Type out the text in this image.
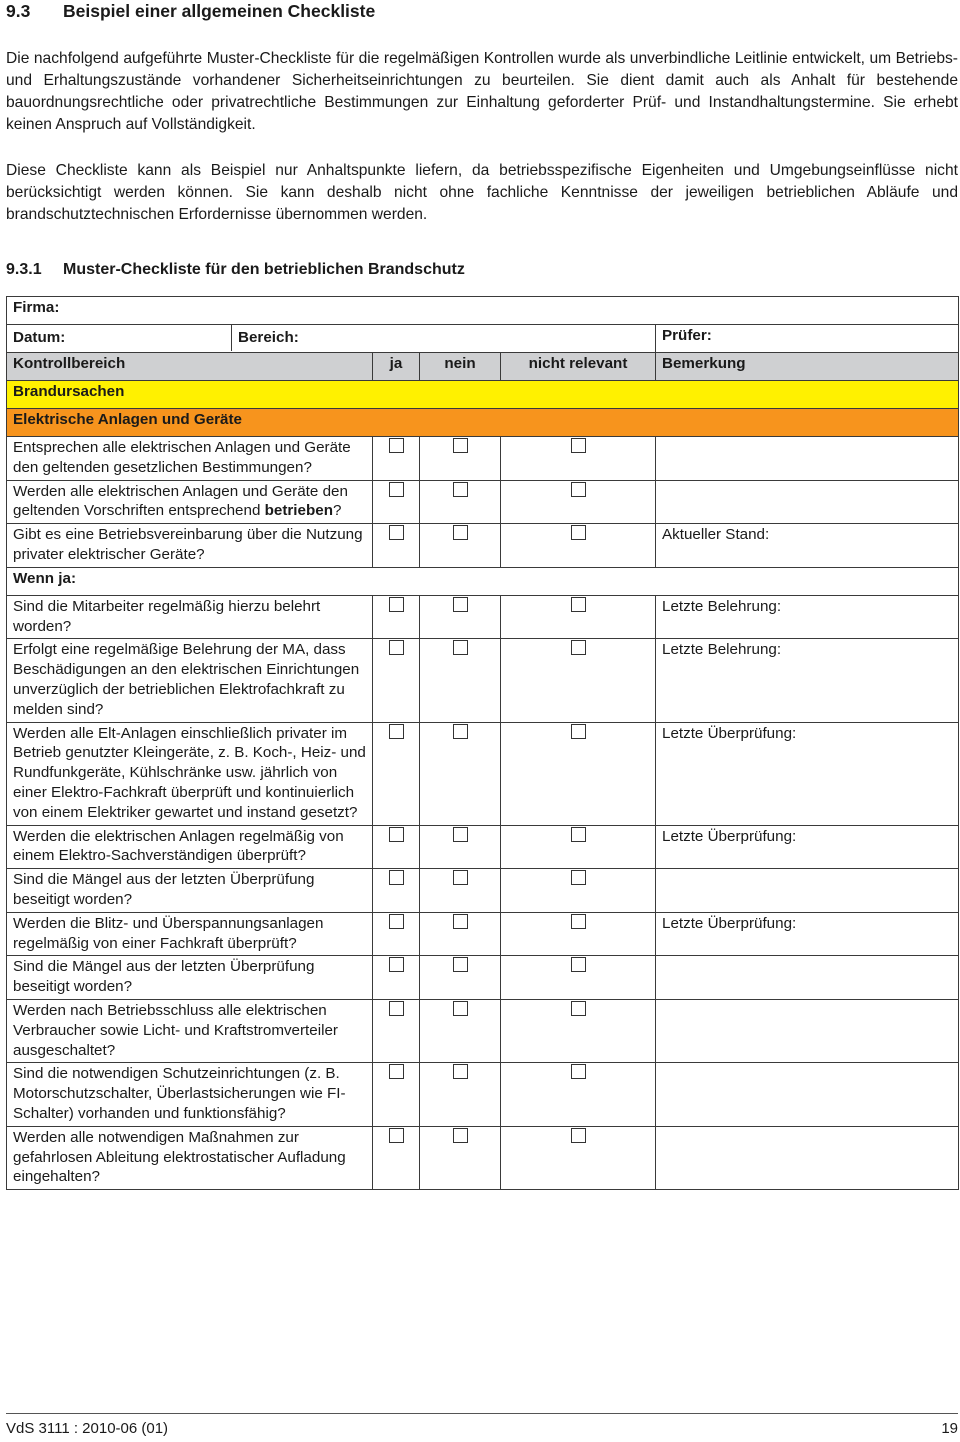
9.3 Beispiel einer allgemeinen Checkliste
Die nachfolgend aufgeführte Muster-Checkliste für die regelmäßigen Kontrollen wurde als unverbindliche Leitlinie entwickelt, um Betriebs- und Erhaltungszustände vorhandener Sicherheitseinrichtungen zu beurteilen. Sie dient damit auch als Anhalt für bestehende bauordnungsrechtliche oder privatrechtliche Bestimmungen zur Einhaltung geforderter Prüf- und Instandhaltungstermine. Sie erhebt keinen Anspruch auf Vollständigkeit.
Diese Checkliste kann als Beispiel nur Anhaltspunkte liefern, da betriebsspezifische Eigenheiten und Umgebungseinflüsse nicht berücksichtigt werden können. Sie kann deshalb nicht ohne fachliche Kenntnisse der jeweiligen betrieblichen Abläufe und brandschutztechnischen Erfordernisse übernommen werden.
9.3.1 Muster-Checkliste für den betrieblichen Brandschutz
Firma:				

Datum: Bereich:				Prüfer:
Kontrollbereich	ja	nein	nicht relevant	Bemerkung
Brandursachen				
Elektrische Anlagen und Geräte				
Entsprechen alle elektrischen Anlagen und Geräte den geltenden gesetzlichen Bestimmungen?				
Werden alle elektrischen Anlagen und Geräte den geltenden Vorschriften entsprechend betrieben?				
Gibt es eine Betriebsvereinbarung über die Nutzung privater elektrischer Geräte?				Aktueller Stand:
Wenn ja:				
Sind die Mitarbeiter regelmäßig hierzu belehrt worden?				Letzte Belehrung:
Erfolgt eine regelmäßige Belehrung der MA, dass Beschädigungen an den elektrischen Einrichtungen unverzüglich der betrieblichen Elektrofachkraft zu melden sind?				Letzte Belehrung:
Werden alle Elt-Anlagen einschließlich privater im Betrieb genutzter Kleingeräte, z. B. Koch-, Heiz- und Rundfunkgeräte, Kühlschränke usw. jährlich von einer Elektro-Fachkraft überprüft und kontinuierlich von einem Elektriker gewartet und instand gesetzt?				Letzte Überprüfung:
Werden die elektrischen Anlagen regelmäßig von einem Elektro-Sachverständigen überprüft?				Letzte Überprüfung:
Sind die Mängel aus der letzten Überprüfung beseitigt worden?				
Werden die Blitz- und Überspannungsanlagen regelmäßig von einer Fachkraft überprüft?				Letzte Überprüfung:
Sind die Mängel aus der letzten Überprüfung beseitigt worden?				
Werden nach Betriebsschluss alle elektrischen Verbraucher sowie Licht- und Kraftstromverteiler ausgeschaltet?				
Sind die notwendigen Schutzeinrichtungen (z. B. Motorschutzschalter, Überlastsicherungen wie FI-Schalter) vorhanden und funktionsfähig?				
Werden alle notwendigen Maßnahmen zur gefahrlosen Ableitung elektrostatischer Aufladung eingehalten?				
VdS 3111 : 2010-06 (01)	19
